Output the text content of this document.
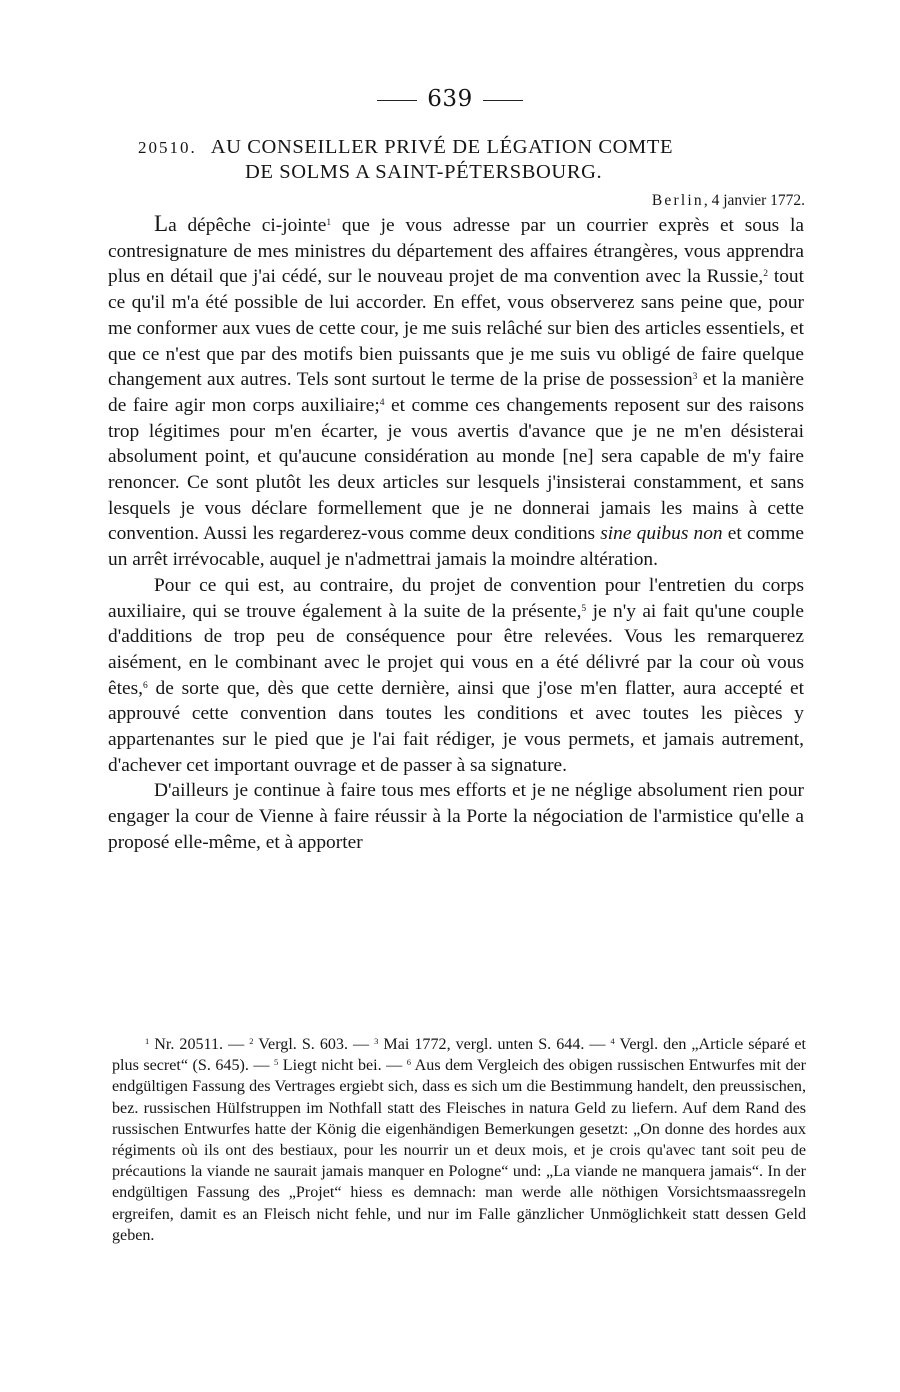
639
20510. AU CONSEILLER PRIVÉ DE LÉGATION COMTE
DE SOLMS A SAINT-PÉTERSBOURG.
Berlin, 4 janvier 1772.

La dépêche ci-jointe$^1$ que je vous adresse par un courrier exprès et sous la contresignature de mes ministres du département des affaires étrangères, vous apprendra plus en détail que j'ai cédé, sur le nouveau projet de ma convention avec la Russie,$^2$ tout ce qu'il m'a été possible de lui accorder. En effet, vous observerez sans peine que, pour me conformer aux vues de cette cour, je me suis relâché sur bien des articles essentiels, et que ce n'est que par des motifs bien puissants que je me suis vu obligé de faire quelque changement aux autres. Tels sont surtout le terme de la prise de possession$^3$ et la manière de faire agir mon corps auxiliaire;$^4$ et comme ces changements reposent sur des raisons trop légitimes pour m'en écarter, je vous avertis d'avance que je ne m'en désisterai absolument point, et qu'aucune considération au monde [ne] sera capable de m'y faire renoncer. Ce sont plutôt les deux articles sur lesquels j'insisterai constamment, et sans lesquels je vous déclare formellement que je ne donnerai jamais les mains à cette convention. Aussi les regarderez-vous comme deux conditions sine quibus non et comme un arrêt irrévocable, auquel je n'admettrai jamais la moindre altération.

Pour ce qui est, au contraire, du projet de convention pour l'entretien du corps auxiliaire, qui se trouve également à la suite de la présente,$^5$ je n'y ai fait qu'une couple d'additions de trop peu de conséquence pour être relevées. Vous les remarquerez aisément, en le combinant avec le projet qui vous en a été délivré par la cour où vous êtes,$^6$ de sorte que, dès que cette dernière, ainsi que j'ose m'en flatter, aura accepté et approuvé cette convention dans toutes les conditions et avec toutes les pièces y appartenantes sur le pied que je l'ai fait rédiger, je vous permets, et jamais autrement, d'achever cet important ouvrage et de passer à sa signature.

D'ailleurs je continue à faire tous mes efforts et je ne néglige absolument rien pour engager la cour de Vienne à faire réussir à la Porte la négociation de l'armistice qu'elle a proposé elle-même, et à apporter

$^1$ Nr. 20511. — $^2$ Vergl. S. 603. — $^3$ Mai 1772, vergl. unten S. 644. — $^4$ Vergl. den „Article séparé et plus secret“ (S. 645). — $^5$ Liegt nicht bei. — $^6$ Aus dem Vergleich des obigen russischen Entwurfes mit der endgültigen Fassung des Vertrages ergiebt sich, dass es sich um die Bestimmung handelt, den preussischen, bez. russischen Hülfstruppen im Nothfall statt des Fleisches in natura Geld zu liefern. Auf dem Rand des russischen Entwurfes hatte der König die eigenhändigen Bemerkungen gesetzt: „On donne des hordes aux régiments où ils ont des bestiaux, pour les nourrir un et deux mois, et je crois qu'avec tant soit peu de précautions la viande ne saurait jamais manquer en Pologne“ und: „La viande ne manquera jamais“. In der endgültigen Fassung des „Projet“ hiess es demnach: man werde alle nöthigen Vorsichtsmaassregeln ergreifen, damit es an Fleisch nicht fehle, und nur im Falle gänzlicher Unmöglichkeit statt dessen Geld geben.
